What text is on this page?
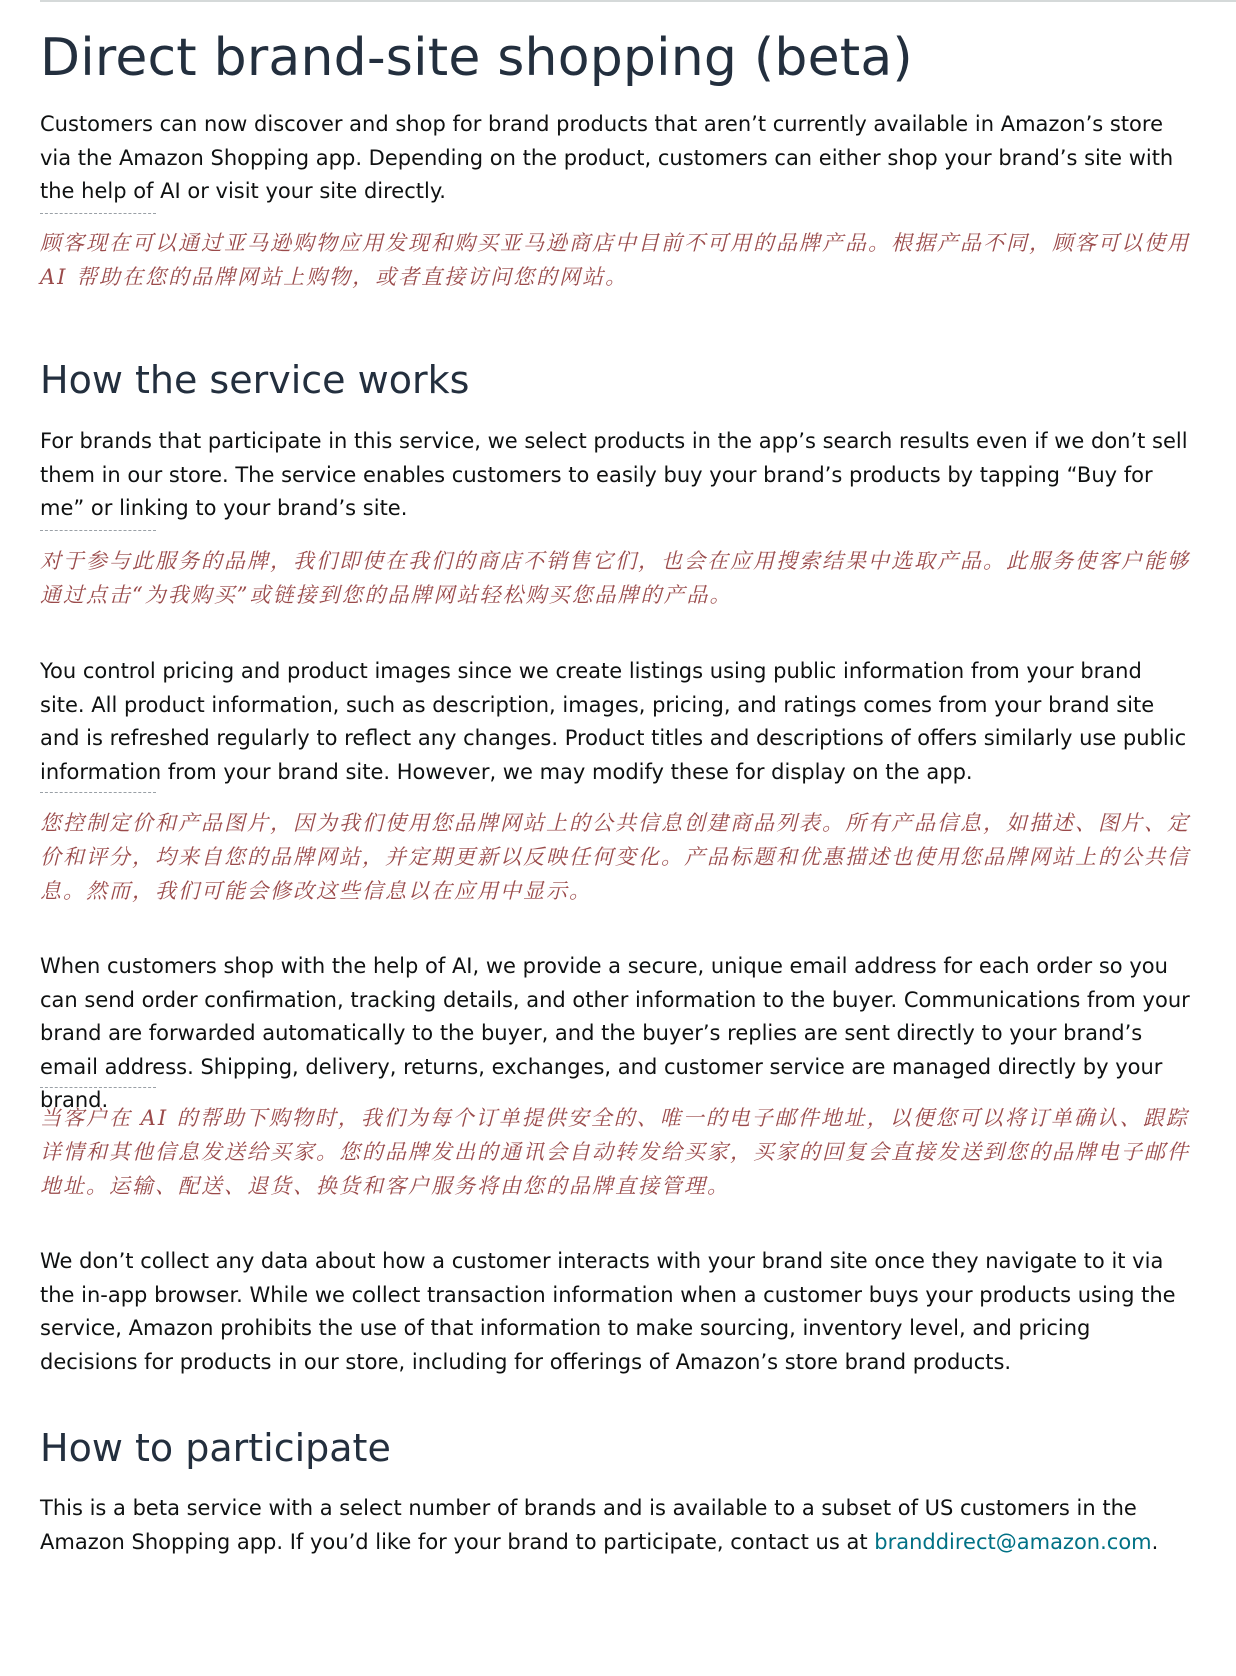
Direct brand-site shopping (beta)

Customers can now discover and shop for brand products that aren’t currently available in Amazon’s store via the Amazon Shopping app. Depending on the product, customers can either shop your brand’s site with the help of AI or visit your site directly.

顾客现在可以通过亚马逊购物应用发现和购买亚马逊商店中目前不可用的品牌产品。根据产品不同，顾客可以使用 AI 帮助在您的品牌网站上购物，或者直接访问您的网站。

How the service works

For brands that participate in this service, we select products in the app’s search results even if we don’t sell them in our store. The service enables customers to easily buy your brand’s products by tapping “Buy for me” or linking to your brand’s site.

对于参与此服务的品牌，我们即使在我们的商店不销售它们，也会在应用搜索结果中选取产品。此服务使客户能够通过点击“为我购买”或链接到您的品牌网站轻松购买您品牌的产品。

You control pricing and product images since we create listings using public information from your brand site. All product information, such as description, images, pricing, and ratings comes from your brand site and is refreshed regularly to reflect any changes. Product titles and descriptions of offers similarly use public information from your brand site. However, we may modify these for display on the app.

您控制定价和产品图片，因为我们使用您品牌网站上的公共信息创建商品列表。所有产品信息，如描述、图片、定价和评分，均来自您的品牌网站，并定期更新以反映任何变化。产品标题和优惠描述也使用您品牌网站上的公共信息。然而，我们可能会修改这些信息以在应用中显示。

When customers shop with the help of AI, we provide a secure, unique email address for each order so you can send order confirmation, tracking details, and other information to the buyer. Communications from your brand are forwarded automatically to the buyer, and the buyer’s replies are sent directly to your brand’s email address. Shipping, delivery, returns, exchanges, and customer service are managed directly by your brand.

当客户在 AI 的帮助下购物时，我们为每个订单提供安全的、唯一的电子邮件地址，以便您可以将订单确认、跟踪详情和其他信息发送给买家。您的品牌发出的通讯会自动转发给买家，买家的回复会直接发送到您的品牌电子邮件地址。运输、配送、退货、换货和客户服务将由您的品牌直接管理。

We don’t collect any data about how a customer interacts with your brand site once they navigate to it via the in-app browser. While we collect transaction information when a customer buys your products using the service, Amazon prohibits the use of that information to make sourcing, inventory level, and pricing decisions for products in our store, including for offerings of Amazon’s store brand products.

How to participate

This is a beta service with a select number of brands and is available to a subset of US customers in the Amazon Shopping app. If you’d like for your brand to participate, contact us at branddirect@amazon.com.
